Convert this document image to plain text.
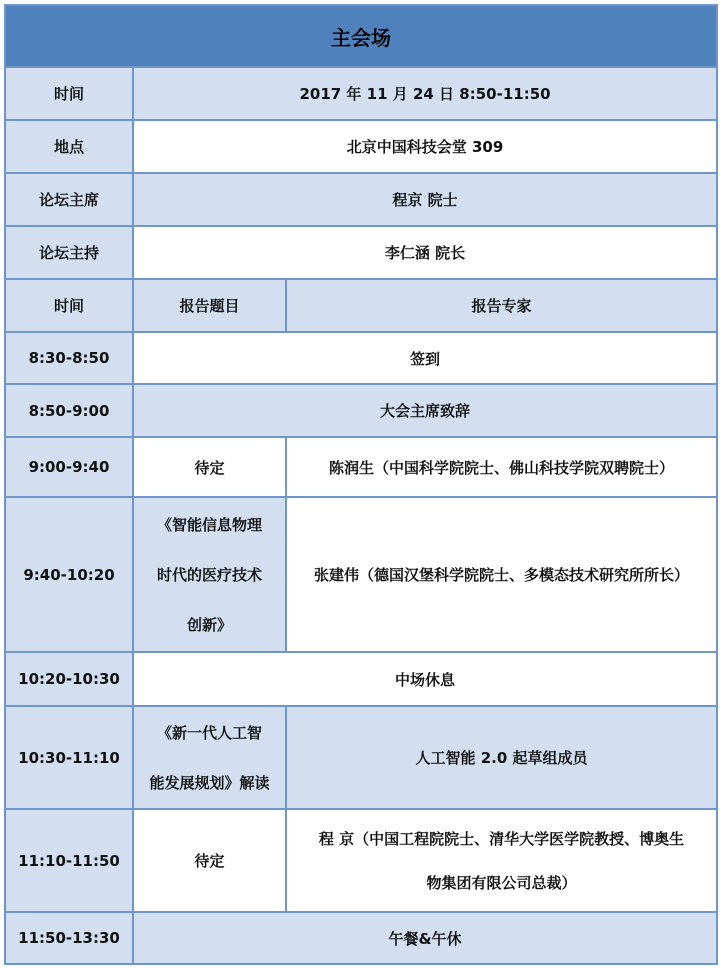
主会场		
时间	2017 年 11 月 24 日 8:50-11:50	
地点	北京中国科技会堂 309	
论坛主席	程京 院士	
论坛主持	李仁涵 院长	
时间	报告题目	报告专家
8:30-8:50	签到	
8:50-9:00	大会主席致辞	
9:00-9:40	待定	陈润生（中国科学院院士、佛山科技学院双聘院士）
9:40-10:20	《智能信息物理
时代的医疗技术
创新》	张建伟（德国汉堡科学院院士、多模态技术研究所所长）
10:20-10:30	中场休息	
10:30-11:10	《新一代人工智
能发展规划》解读	人工智能 2.0 起草组成员
11:10-11:50	待定	程 京（中国工程院院士、清华大学医学院教授、博奥生
物集团有限公司总裁）

11:50-13:30	午餐&午休	
